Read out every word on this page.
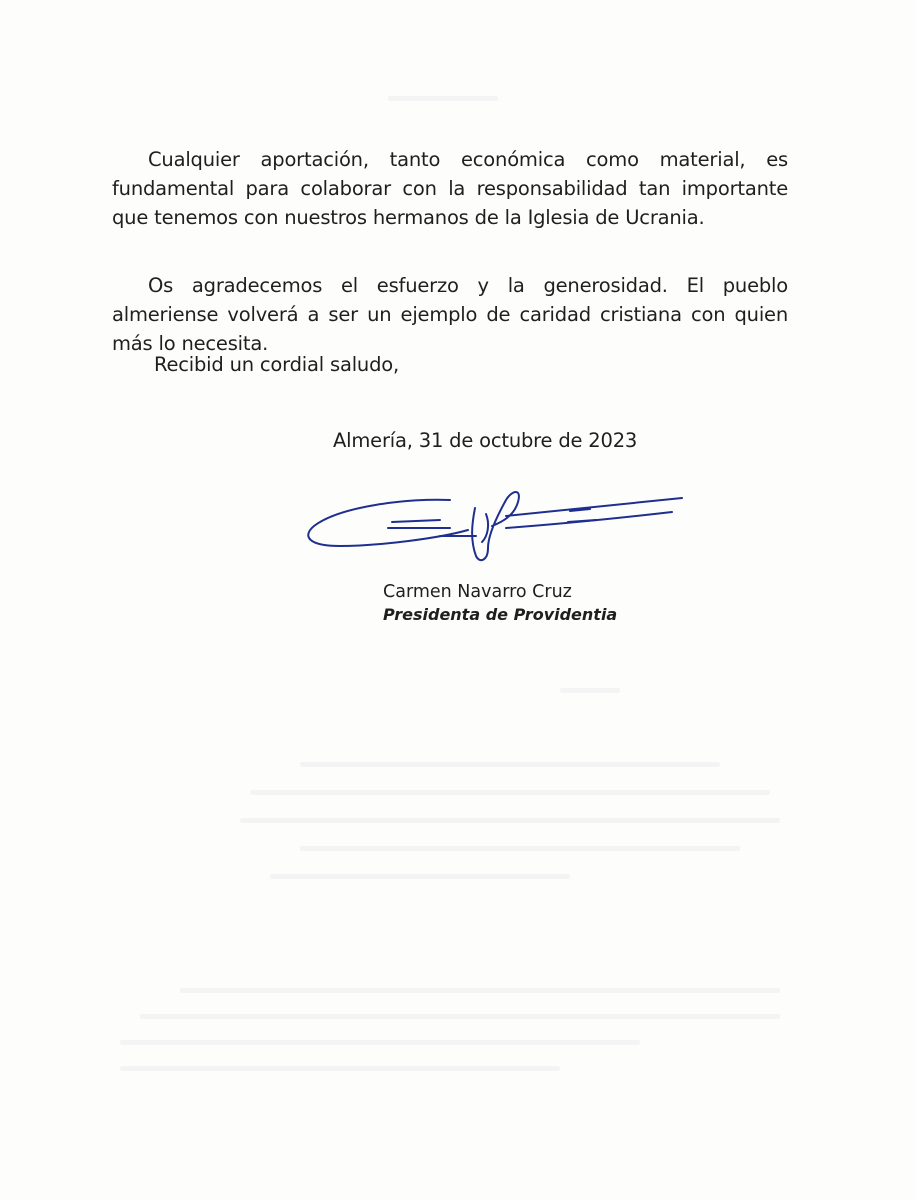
Cualquier aportación, tanto económica como material, es fundamental para colaborar con la responsabilidad tan importante que tenemos con nuestros hermanos de la Iglesia de Ucrania.

Os agradecemos el esfuerzo y la generosidad. El pueblo almeriense volverá a ser un ejemplo de caridad cristiana con quien más lo necesita.

Recibid un cordial saludo,

Almería, 31 de octubre de 2023

Carmen Navarro Cruz

Presidenta de Providentia
